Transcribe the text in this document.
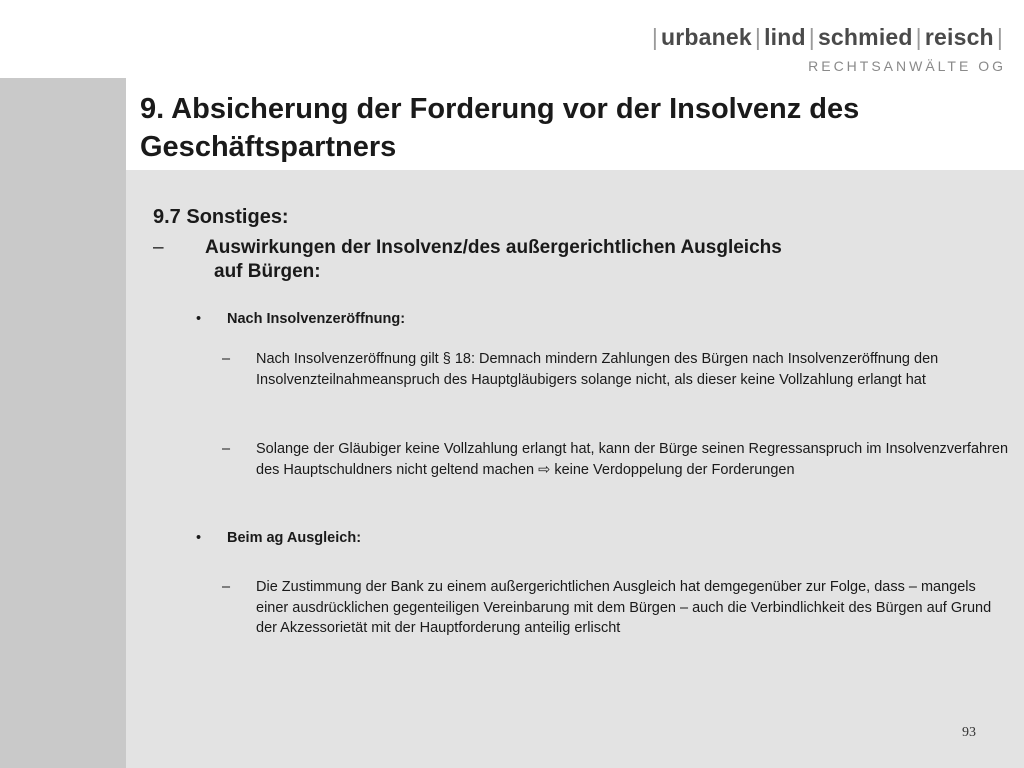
| urbanek | lind | schmied | reisch |
RECHTSANWÄLTE OG
9. Absicherung der Forderung vor der Insolvenz des Geschäftspartners
9.7 Sonstiges:
– Auswirkungen der Insolvenz/des außergerichtlichen Ausgleichs
auf Bürgen:
• Nach Insolvenzeröffnung:
– Nach Insolvenzeröffnung gilt § 18: Demnach mindern Zahlungen des Bürgen nach Insolvenzeröffnung den Insolvenzteilnahmeanspruch des Hauptgläubigers solange nicht, als dieser keine Vollzahlung erlangt hat
– Solange der Gläubiger keine Vollzahlung erlangt hat, kann der Bürge seinen Regressanspruch im Insolvenzverfahren des Hauptschuldners nicht geltend machen ⇨ keine Verdoppelung der Forderungen
• Beim ag Ausgleich:
– Die Zustimmung der Bank zu einem außergerichtlichen Ausgleich hat demgegenüber zur Folge, dass – mangels einer ausdrücklichen gegenteiligen Vereinbarung mit dem Bürgen – auch die Verbindlichkeit des Bürgen auf Grund der Akzessorietät mit der Hauptforderung anteilig erlischt
93
